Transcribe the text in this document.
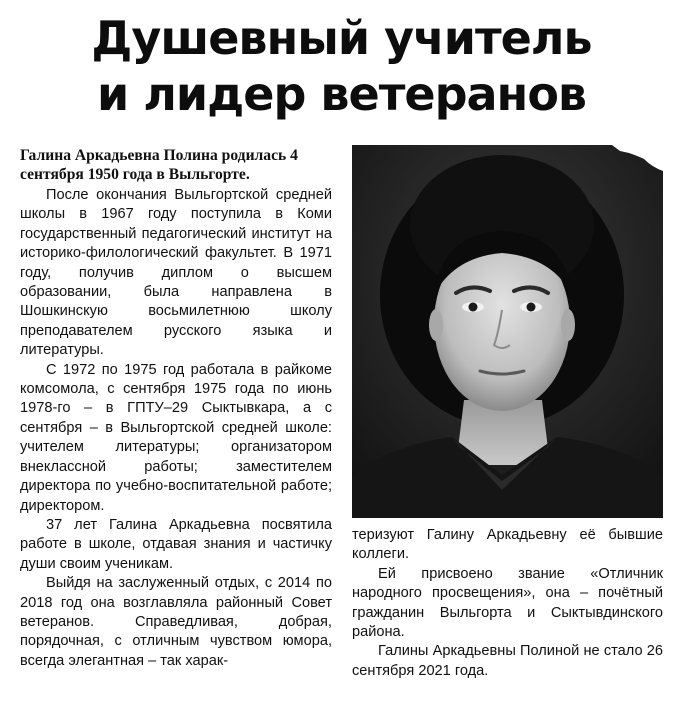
Душевный учитель
и лидер ветеранов

Галина Аркадьевна Полина родилась 4 сентября 1950 года в Выльгорте.

После окончания Выльгортской средней школы в 1967 году поступила в Коми государственный педагогический институт на историко-филологический факультет. В 1971 году, получив диплом о высшем образовании, была направлена в Шошкинскую восьмилетнюю школу преподавателем русского языка и литературы.

С 1972 по 1975 год работала в райкоме комсомола, с сентября 1975 года по июнь 1978-го – в ГПТУ–29 Сыктывкара, а с сентября – в Выльгортской средней школе: учителем литературы; организатором внеклассной работы; заместителем директора по учебно-воспитательной работе; директором.

37 лет Галина Аркадьевна посвятила работе в школе, отдавая знания и частичку души своим ученикам.

Выйдя на заслуженный отдых, с 2014 по 2018 год она возглавляла районный Совет ветеранов. Справедливая, добрая, порядочная, с отличным чувством юмора, всегда элегантная – так харак-

теризуют Галину Аркадьевну её бывшие коллеги.

Ей присвоено звание «Отличник народного просвещения», она – почётный гражданин Выльгорта и Сыктывдинского района.

Галины Аркадьевны Полиной не стало 26 сентября 2021 года.
